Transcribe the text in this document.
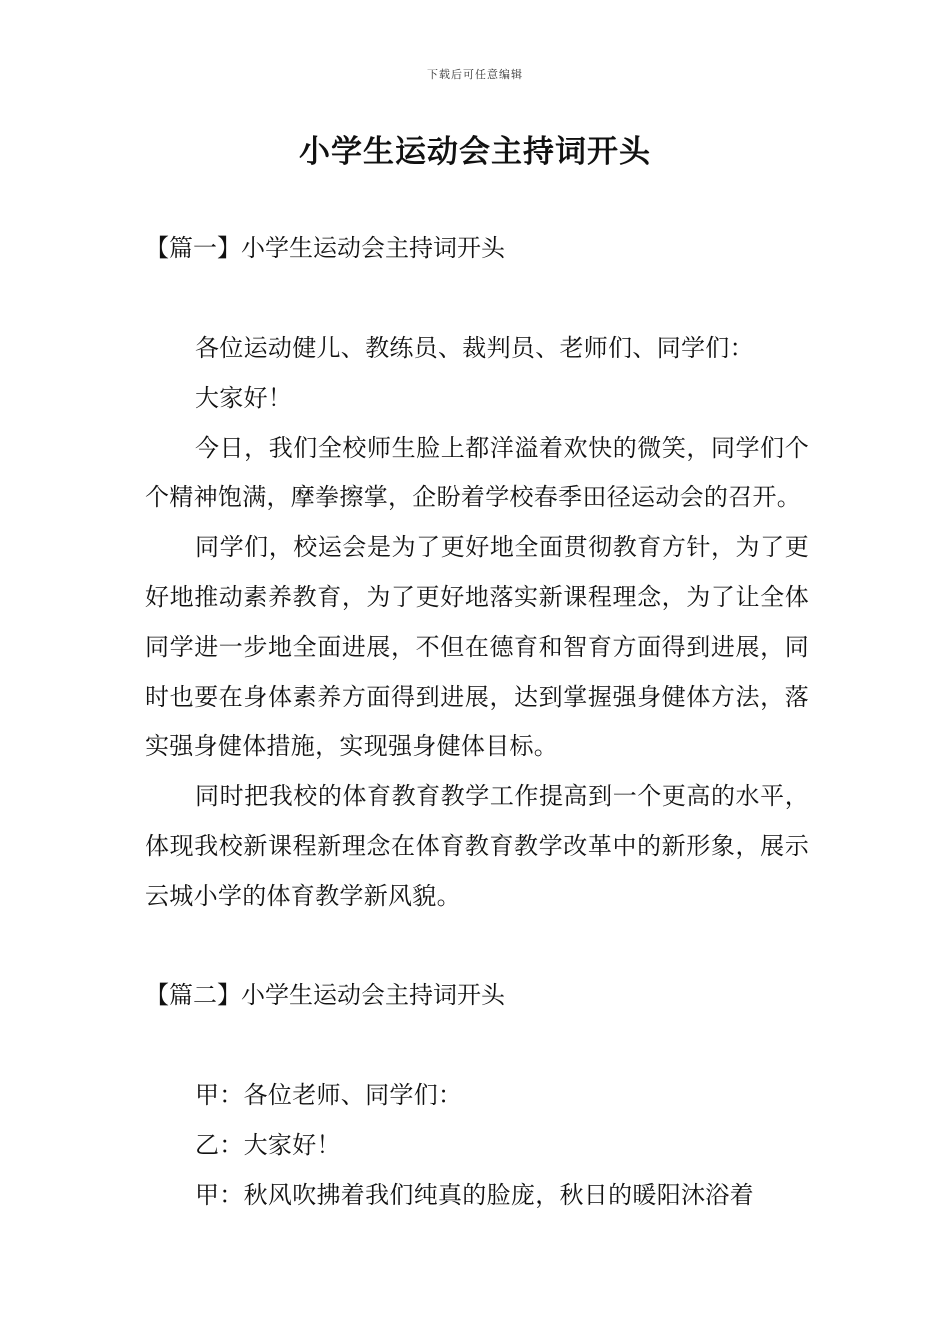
下载后可任意编辑
小学生运动会主持词开头
【篇一】小学生运动会主持词开头

各位运动健儿、教练员、裁判员、老师们、同学们：

大家好！

今日，我们全校师生脸上都洋溢着欢快的微笑，同学们个个精神饱满，摩拳擦掌，企盼着学校春季田径运动会的召开。

同学们，校运会是为了更好地全面贯彻教育方针，为了更好地推动素养教育，为了更好地落实新课程理念，为了让全体同学进一步地全面进展，不但在德育和智育方面得到进展，同时也要在身体素养方面得到进展，达到掌握强身健体方法，落实强身健体措施，实现强身健体目标。

同时把我校的体育教育教学工作提高到一个更高的水平，体现我校新课程新理念在体育教育教学改革中的新形象，展示云城小学的体育教学新风貌。

【篇二】小学生运动会主持词开头

甲：各位老师、同学们：

乙：大家好！

甲：秋风吹拂着我们纯真的脸庞，秋日的暖阳沐浴着
